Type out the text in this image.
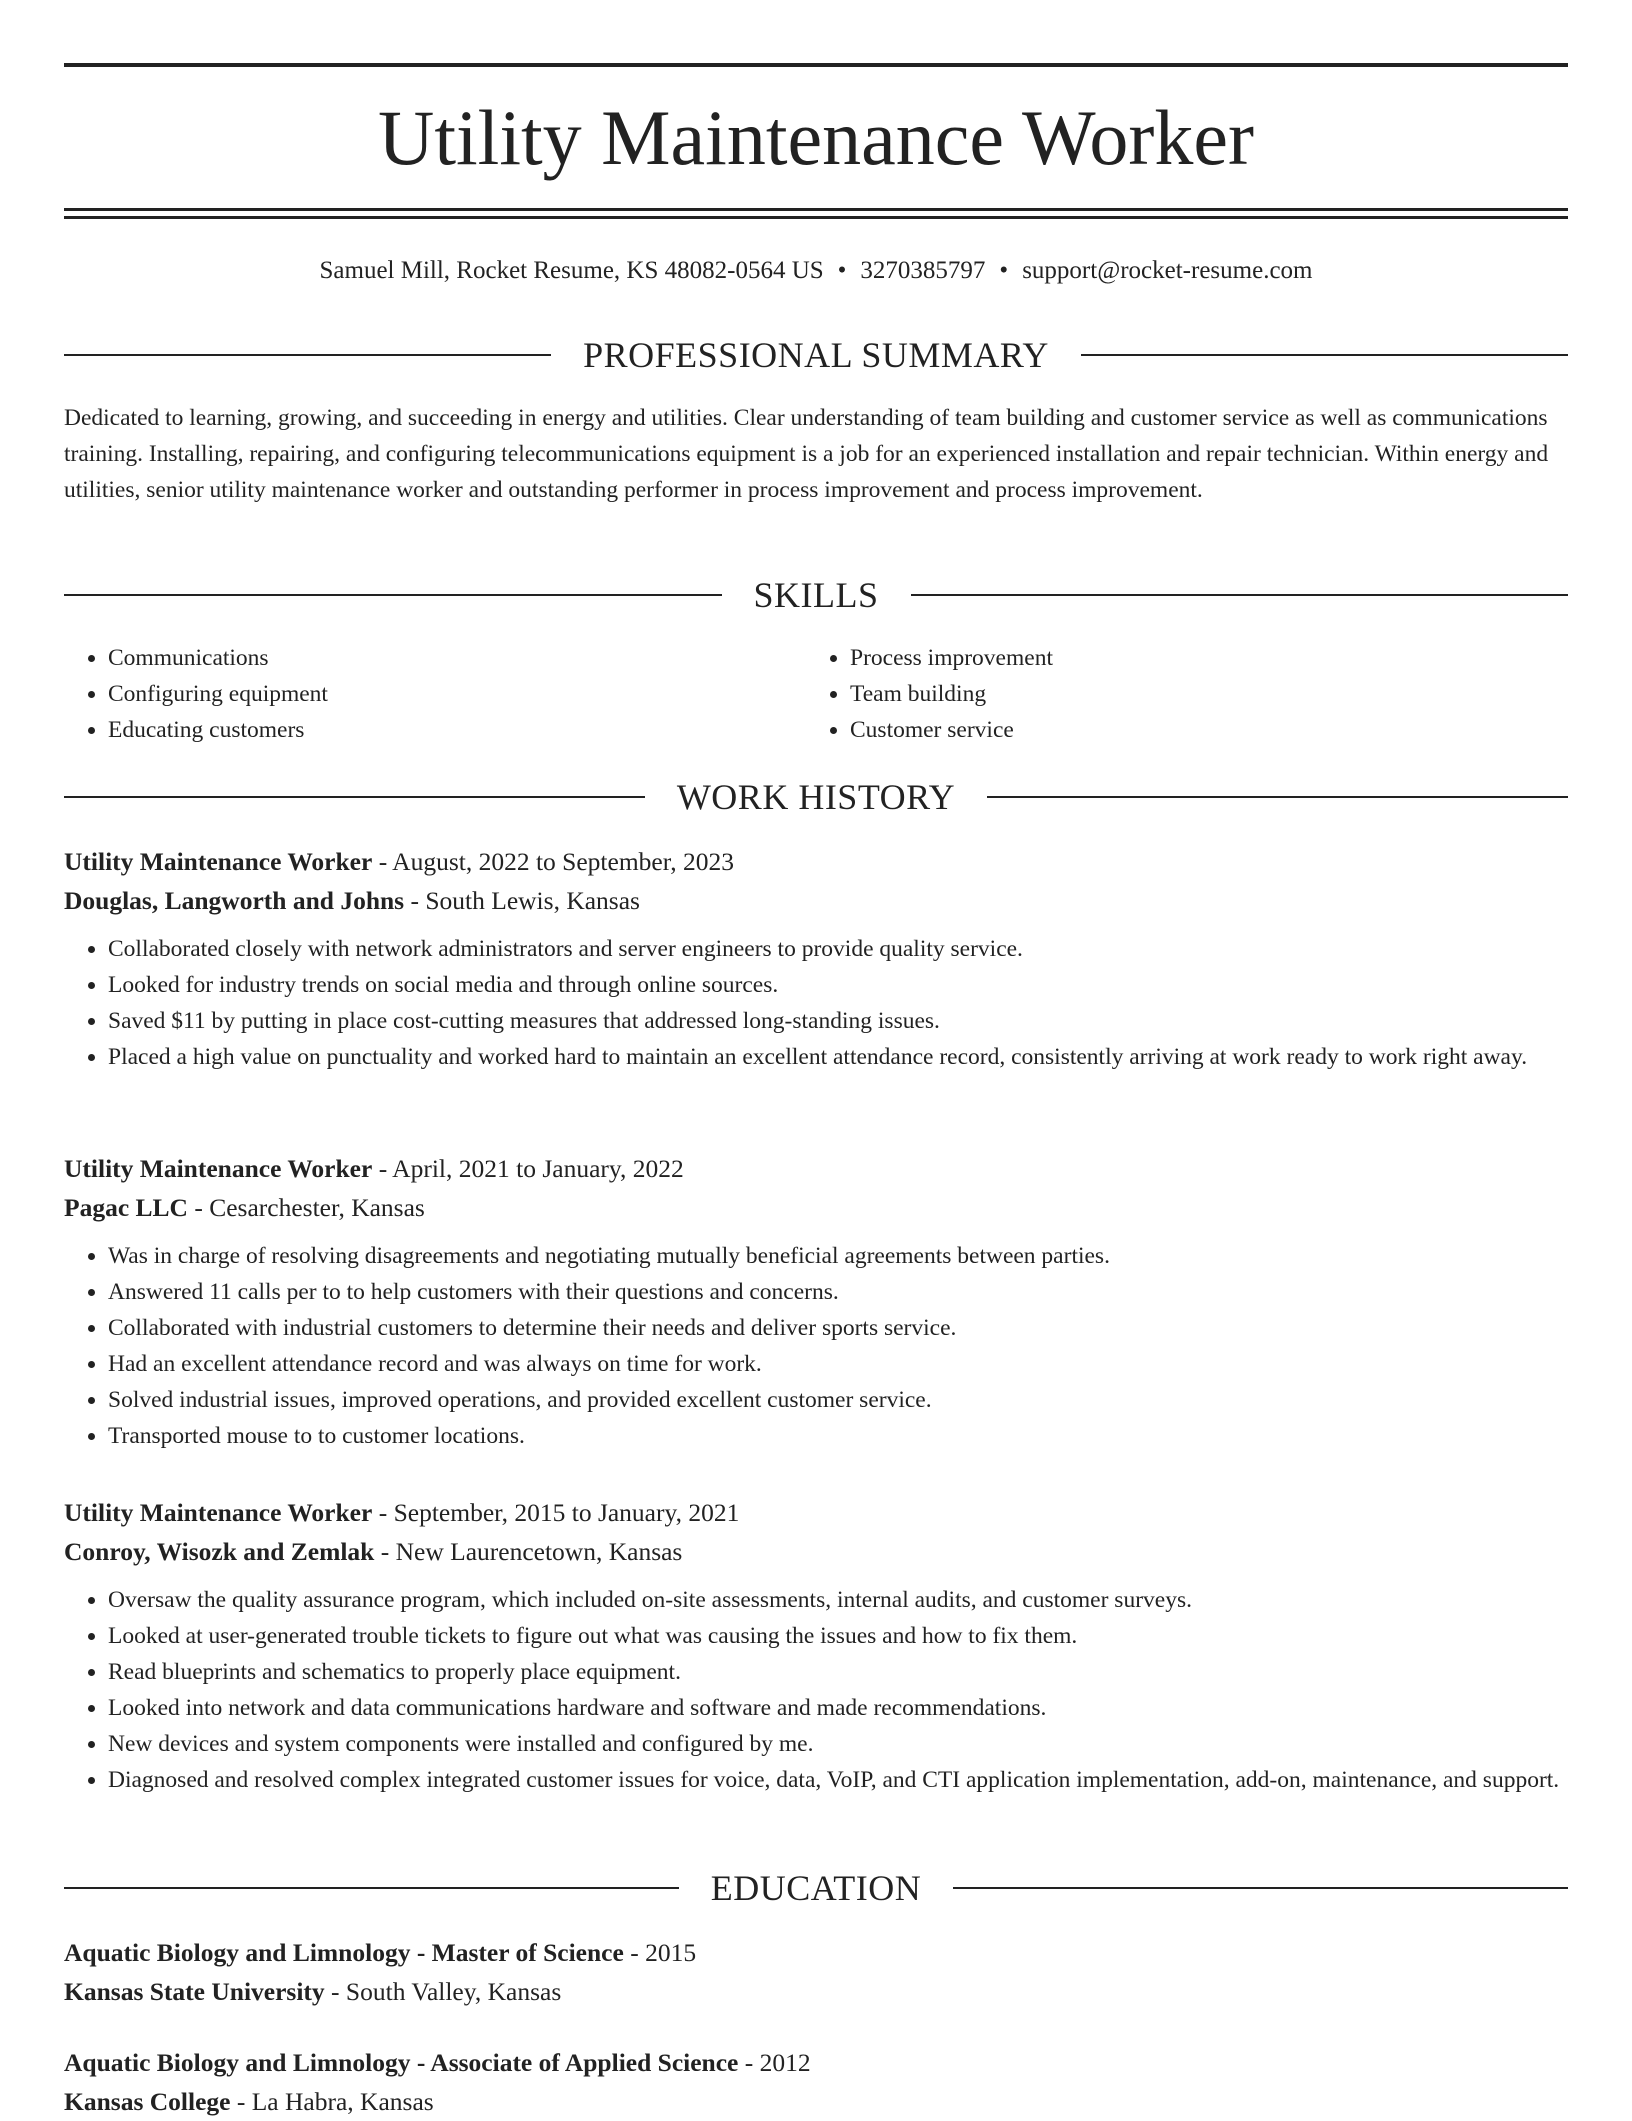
Utility Maintenance Worker
Samuel Mill, Rocket Resume, KS 48082-0564 US • 3270385797 • support@rocket-resume.com
PROFESSIONAL SUMMARY

Dedicated to learning, growing, and succeeding in energy and utilities. Clear understanding of team building and customer service as well as communications training. Installing, repairing, and configuring telecommunications equipment is a job for an experienced installation and repair technician. Within energy and utilities, senior utility maintenance worker and outstanding performer in process improvement and process improvement.

SKILLS
• Communications
• Configuring equipment
• Educating customers
• Process improvement
• Team building
• Customer service
WORK HISTORY
Utility Maintenance Worker - August, 2022 to September, 2023
Douglas, Langworth and Johns - South Lewis, Kansas
• Collaborated closely with network administrators and server engineers to provide quality service.
• Looked for industry trends on social media and through online sources.
• Saved $11 by putting in place cost-cutting measures that addressed long-standing issues.
• Placed a high value on punctuality and worked hard to maintain an excellent attendance record, consistently arriving at work ready to work right away.
Utility Maintenance Worker - April, 2021 to January, 2022
Pagac LLC - Cesarchester, Kansas
• Was in charge of resolving disagreements and negotiating mutually beneficial agreements between parties.
• Answered 11 calls per to to help customers with their questions and concerns.
• Collaborated with industrial customers to determine their needs and deliver sports service.
• Had an excellent attendance record and was always on time for work.
• Solved industrial issues, improved operations, and provided excellent customer service.
• Transported mouse to to customer locations.
Utility Maintenance Worker - September, 2015 to January, 2021
Conroy, Wisozk and Zemlak - New Laurencetown, Kansas
• Oversaw the quality assurance program, which included on-site assessments, internal audits, and customer surveys.
• Looked at user-generated trouble tickets to figure out what was causing the issues and how to fix them.
• Read blueprints and schematics to properly place equipment.
• Looked into network and data communications hardware and software and made recommendations.
• New devices and system components were installed and configured by me.
• Diagnosed and resolved complex integrated customer issues for voice, data, VoIP, and CTI application implementation, add-on, maintenance, and support.
EDUCATION
Aquatic Biology and Limnology - Master of Science - 2015
Kansas State University - South Valley, Kansas
Aquatic Biology and Limnology - Associate of Applied Science - 2012
Kansas College - La Habra, Kansas
